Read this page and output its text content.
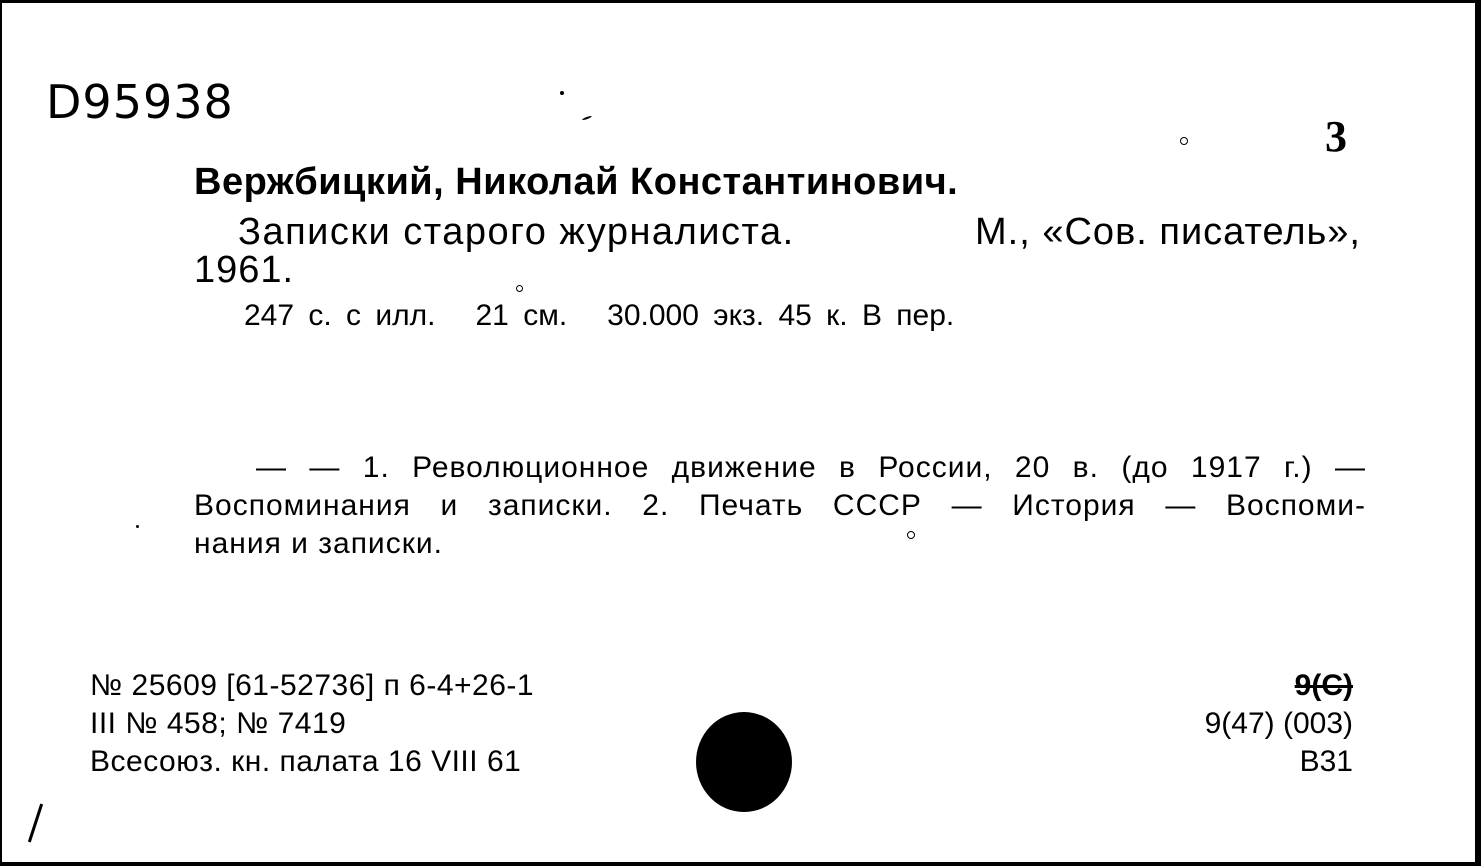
D95938
3
Вержбицкий, Николай Константинович.
Записки старого журналиста.	М., «Сов. писатель»,
1961.
247 с. с илл. 21 см. 30.000 экз. 45 к. В пер.
— — 1. Революционное движение в России, 20 в. (до 1917 г.) —
Воспоминания и записки. 2. Печать СССР — История — Воспоми-
нания и записки.
№ 25609 [61-52736] п 6-4+26-1
III № 458; № 7419
Всесоюз. кн. палата 16 VIII 61
9(С)
9(47) (003)
В31
